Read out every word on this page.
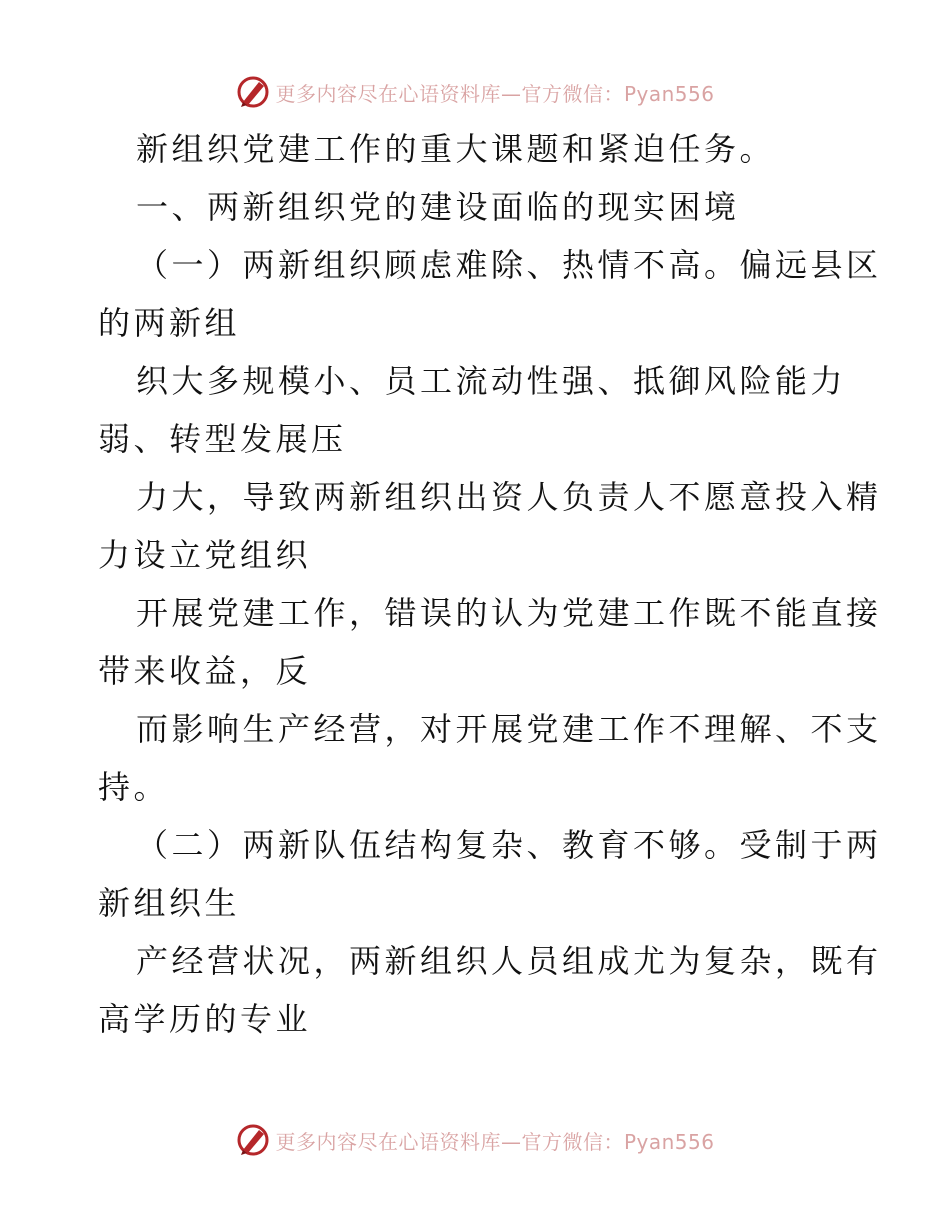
更多内容尽在心语资料库—官方微信：Pyan556
新组织党建工作的重大课题和紧迫任务。
一、两新组织党的建设面临的现实困境
（一）两新组织顾虑难除、热情不高。偏远县区
的两新组
织大多规模小、员工流动性强、抵御风险能力
弱、转型发展压
力大，导致两新组织出资人负责人不愿意投入精
力设立党组织
开展党建工作，错误的认为党建工作既不能直接
带来收益，反
而影响生产经营，对开展党建工作不理解、不支
持。
（二）两新队伍结构复杂、教育不够。受制于两
新组织生
产经营状况，两新组织人员组成尤为复杂，既有
高学历的专业
更多内容尽在心语资料库—官方微信：Pyan556
